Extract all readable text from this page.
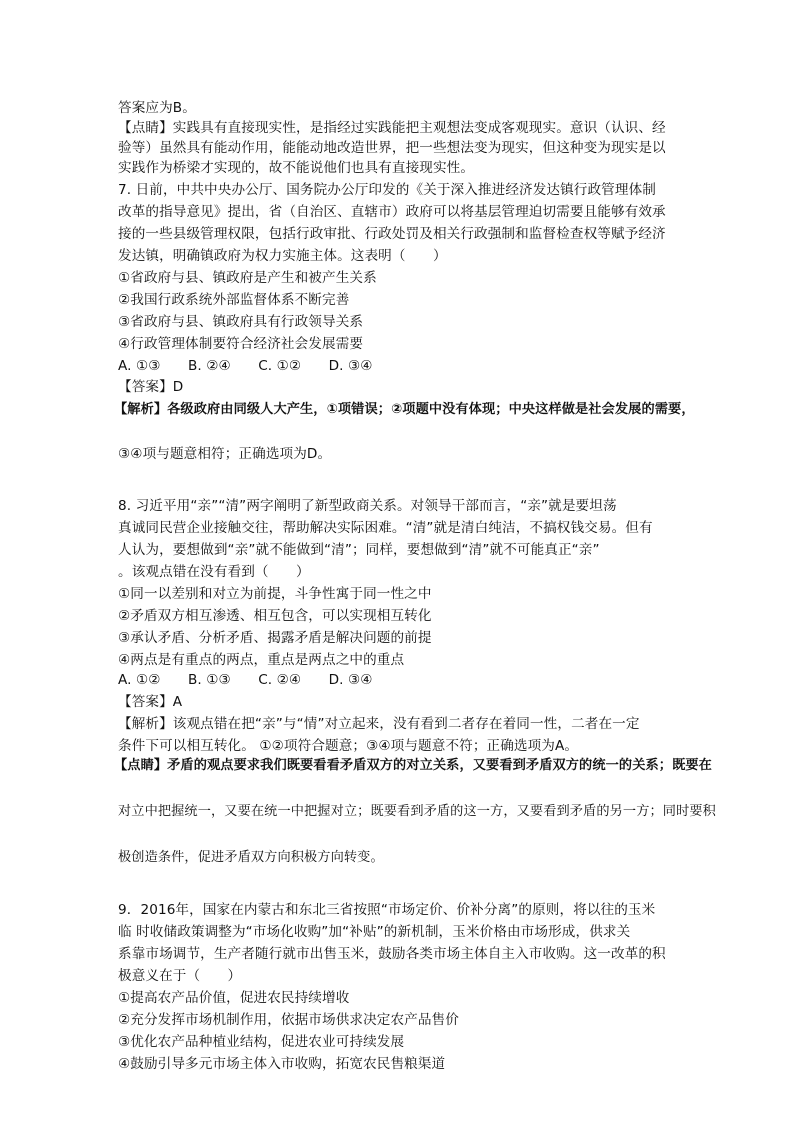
答案应为B。
【点睛】实践具有直接现实性，是指经过实践能把主观想法变成客观现实。意识（认识、经
验等）虽然具有能动作用，能能动地改造世界，把一些想法变为现实，但这种变为现实是以
实践作为桥梁才实现的，故不能说他们也具有直接现实性。
7. 日前，中共中央办公厅、国务院办公厅印发的《关于深入推进经济发达镇行政管理体制
改革的指导意见》提出，省（自治区、直辖市）政府可以将基层管理迫切需要且能够有效承
接的一些县级管理权限，包括行政审批、行政处罚及相关行政强制和监督检查权等赋予经济
发达镇，明确镇政府为权力实施主体。这表明（　　）
①省政府与县、镇政府是产生和被产生关系
②我国行政系统外部监督体系不断完善
③省政府与县、镇政府具有行政领导关系
④行政管理体制要符合经济社会发展需要
A. ①③　　B. ②④　　C. ①②　　D. ③④
【答案】D
【解析】各级政府由同级人大产生，①项错误；②项题中没有体现；中央这样做是社会发展的需要，
③④项与题意相符；正确选项为D。
8. 习近平用“亲”“清”两字阐明了新型政商关系。对领导干部而言，“亲”就是要坦荡
真诚同民营企业接触交往，帮助解决实际困难。“清”就是清白纯洁，不搞权钱交易。但有
人认为，要想做到“亲”就不能做到“清”；同样，要想做到“清”就不可能真正“亲”
。该观点错在没有看到（　　）
①同一以差别和对立为前提，斗争性寓于同一性之中
②矛盾双方相互渗透、相互包含，可以实现相互转化
③承认矛盾、分析矛盾、揭露矛盾是解决问题的前提
④两点是有重点的两点，重点是两点之中的重点
A. ①②　　B. ①③　　C. ②④　　D. ③④
【答案】A
【解析】该观点错在把“亲”与“情”对立起来，没有看到二者存在着同一性，二者在一定
条件下可以相互转化。 ①②项符合题意；③④项与题意不符；正确选项为A。
【点睛】矛盾的观点要求我们既要看看矛盾双方的对立关系，又要看到矛盾双方的统一的关系；既要在
对立中把握统一，又要在统一中把握对立；既要看到矛盾的这一方，又要看到矛盾的另一方；同时要积
极创造条件，促进矛盾双方向积极方向转变。
9．2016年，国家在内蒙古和东北三省按照“市场定价、价补分离”的原则，将以往的玉米
临 时收储政策调整为“市场化收购”加“补贴”的新机制，玉米价格由市场形成，供求关
系靠市场调节，生产者随行就市出售玉米，鼓励各类市场主体自主入市收购。这一改革的积
极意义在于（　　）
①提高农产品价值，促进农民持续增收
②充分发挥市场机制作用，依据市场供求决定农产品售价
③优化农产品种植业结构，促进农业可持续发展
④鼓励引导多元市场主体入市收购，拓宽农民售粮渠道
